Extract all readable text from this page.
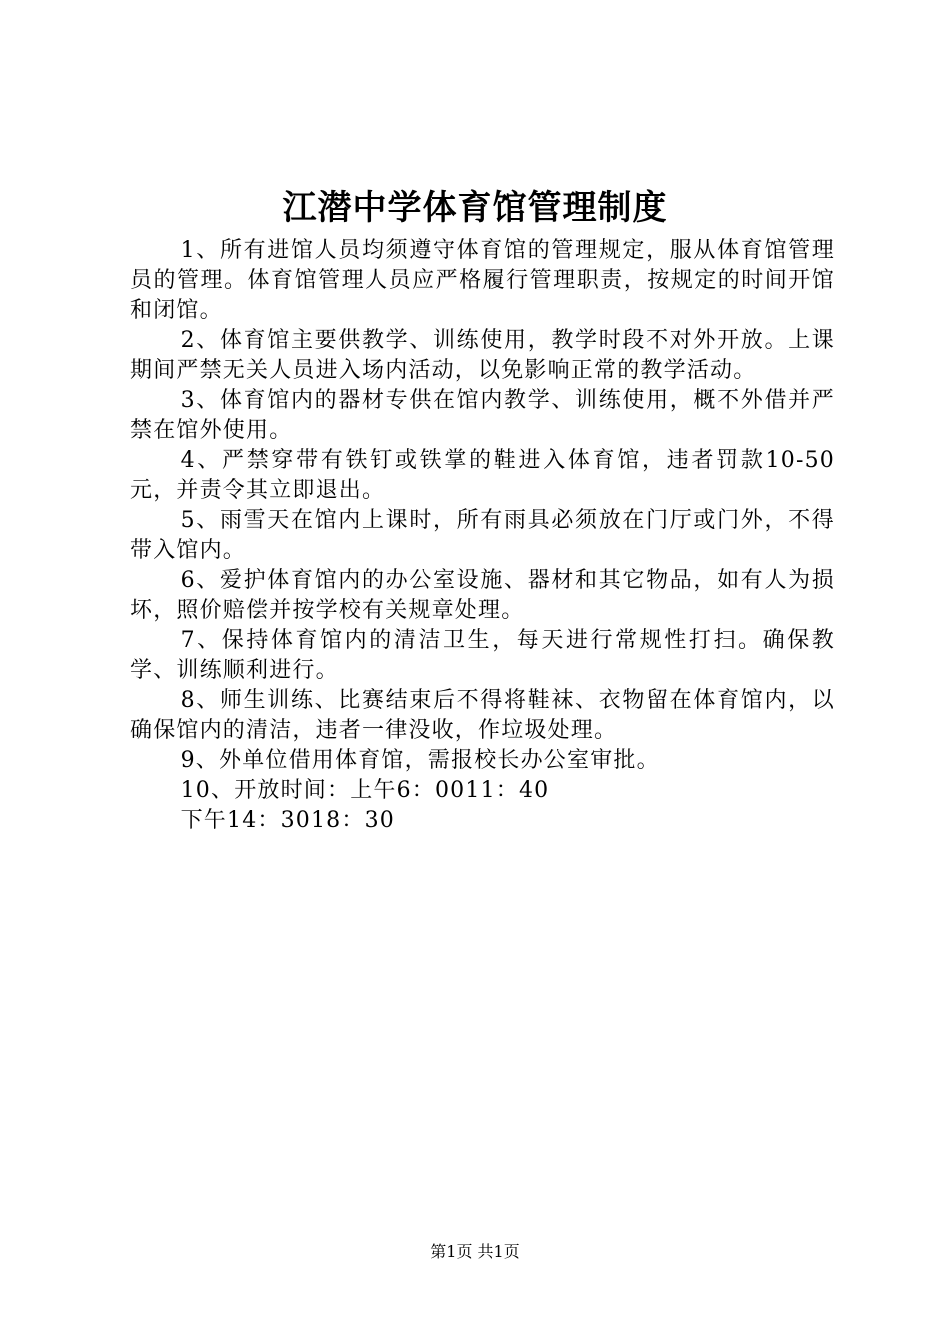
江潜中学体育馆管理制度

1、所有进馆人员均须遵守体育馆的管理规定，服从体育馆管理员的管理。体育馆管理人员应严格履行管理职责，按规定的时间开馆和闭馆。

2、体育馆主要供教学、训练使用，教学时段不对外开放。上课期间严禁无关人员进入场内活动，以免影响正常的教学活动。

3、体育馆内的器材专供在馆内教学、训练使用，概不外借并严禁在馆外使用。

4、严禁穿带有铁钉或铁掌的鞋进入体育馆，违者罚款10-50元，并责令其立即退出。

5、雨雪天在馆内上课时，所有雨具必须放在门厅或门外，不得带入馆内。

6、爱护体育馆内的办公室设施、器材和其它物品，如有人为损坏，照价赔偿并按学校有关规章处理。

7、保持体育馆内的清洁卫生，每天进行常规性打扫。确保教学、训练顺利进行。

8、师生训练、比赛结束后不得将鞋袜、衣物留在体育馆内，以确保馆内的清洁，违者一律没收，作垃圾处理。

9、外单位借用体育馆，需报校长办公室审批。

10、开放时间：上午6：0011：40

下午14：3018：30

第1页 共1页
